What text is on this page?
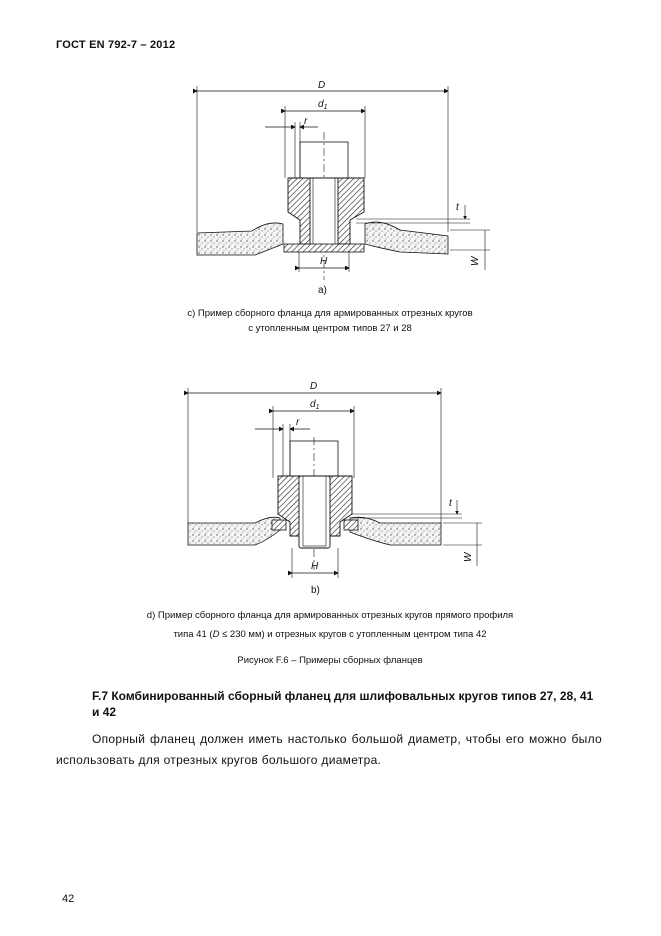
ГОСТ EN 792-7 – 2012
D
$d_1$
r
t
W
H
a)
D
$d_1$
r
t
W
H
b)
с) Пример сборного фланца для армированных отрезных кругов
с утопленным центром типов 27 и 28
d) Пример сборного фланца для армированных отрезных кругов прямого профиля
типа 41 (D ≤ 230 мм) и отрезных кругов с утопленным центром типа 42
Рисунок F.6 – Примеры сборных фланцев
F.7 Комбинированный сборный фланец для шлифовальных кругов типов 27, 28, 41 и 42
Опорный фланец должен иметь настолько большой диаметр, чтобы его можно было использовать для отрезных кругов большого диаметра.
42
